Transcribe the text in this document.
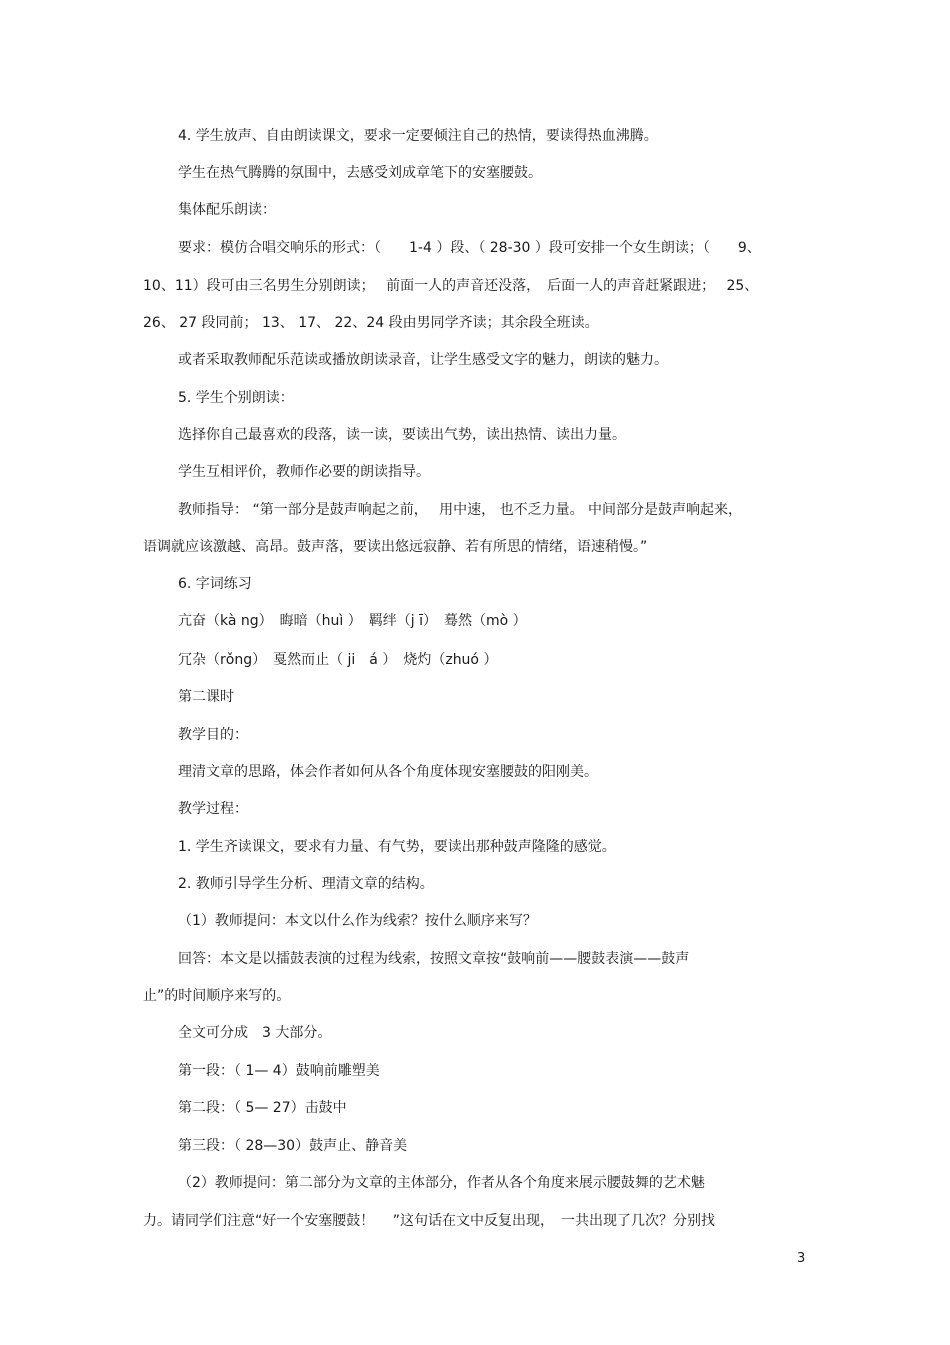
4. 学生放声、自由朗读课文，要求一定要倾注自己的热情，要读得热血沸腾。

学生在热气腾腾的氛围中，去感受刘成章笔下的安塞腰鼓。

集体配乐朗读：

要求：模仿合唱交响乐的形式：（　　1-4 ）段、（ 28-30 ）段可安排一个女生朗读；（　　9、

10、11）段可由三名男生分别朗读；　 前面一人的声音还没落，　后面一人的声音赶紧跟进；　 25、

26、 27 段同前； 13、 17、 22、24 段由男同学齐读；其余段全班读。

或者采取教师配乐范读或播放朗读录音，让学生感受文字的魅力，朗读的魅力。

5. 学生个别朗读：

选择你自己最喜欢的段落，读一读，要读出气势，读出热情、读出力量。

学生互相评价，教师作必要的朗读指导。

教师指导： “第一部分是鼓声响起之前，　 用中速， 也不乏力量。 中间部分是鼓声响起来，

语调就应该激越、高昂。鼓声落，要读出悠远寂静、若有所思的情绪，语速稍慢。”

6. 字词练习

亢奋（kà ng）　晦暗（huì ）　羁绊（j ī）　蓦然（mò ）

冗杂（rǒng）　戛然而止（ ji　á ）　烧灼（zhuó ）

第二课时

教学目的：

理清文章的思路，体会作者如何从各个角度体现安塞腰鼓的阳刚美。

教学过程：

1. 学生齐读课文，要求有力量、有气势，要读出那种鼓声隆隆的感觉。

2. 教师引导学生分析、理清文章的结构。

（1）教师提问：本文以什么作为线索？按什么顺序来写？

回答：本文是以擂鼓表演的过程为线索，按照文章按“鼓响前——腰鼓表演——鼓声

止”的时间顺序来写的。

全文可分成　3 大部分。

第一段：（ 1— 4）鼓响前雕塑美

第二段：（ 5— 27）击鼓中

第三段：（ 28—30）鼓声止、静音美

（2）教师提问：第二部分为文章的主体部分，作者从各个角度来展示腰鼓舞的艺术魅

力。请同学们注意“好一个安塞腰鼓！　 ”这句话在文中反复出现，　一共出现了几次？分别找

3
